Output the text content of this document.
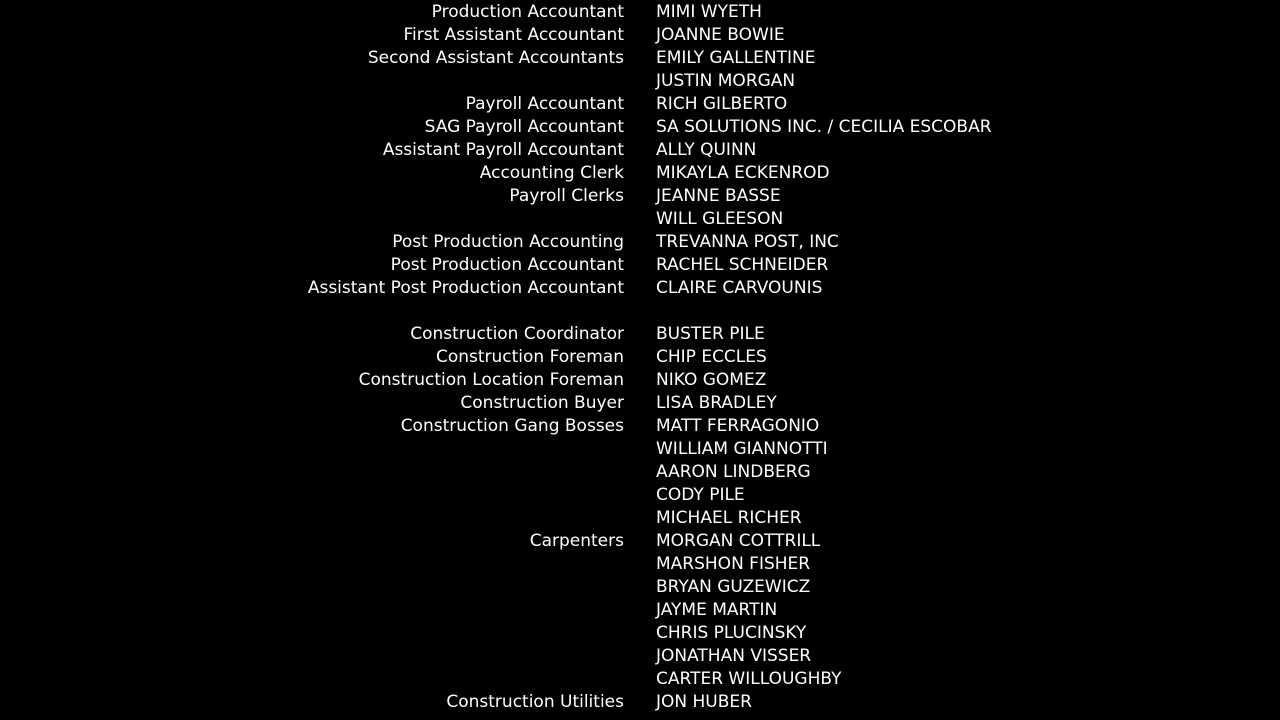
Production Accountant MIMI WYETH
First Assistant Accountant JOANNE BOWIE
Second Assistant Accountants EMILY GALLENTINE
JUSTIN MORGAN
Payroll Accountant RICH GILBERTO
SAG Payroll Accountant SA SOLUTIONS INC. / CECILIA ESCOBAR
Assistant Payroll Accountant ALLY QUINN
Accounting Clerk MIKAYLA ECKENROD
Payroll Clerks JEANNE BASSE
WILL GLEESON
Post Production Accounting TREVANNA POST, INC
Post Production Accountant RACHEL SCHNEIDER
Assistant Post Production Accountant CLAIRE CARVOUNIS
Construction Coordinator BUSTER PILE
Construction Foreman CHIP ECCLES
Construction Location Foreman NIKO GOMEZ
Construction Buyer LISA BRADLEY
Construction Gang Bosses MATT FERRAGONIO
WILLIAM GIANNOTTI
AARON LINDBERG
CODY PILE
MICHAEL RICHER
Carpenters MORGAN COTTRILL
MARSHON FISHER
BRYAN GUZEWICZ
JAYME MARTIN
CHRIS PLUCINSKY
JONATHAN VISSER
CARTER WILLOUGHBY
Construction Utilities JON HUBER
